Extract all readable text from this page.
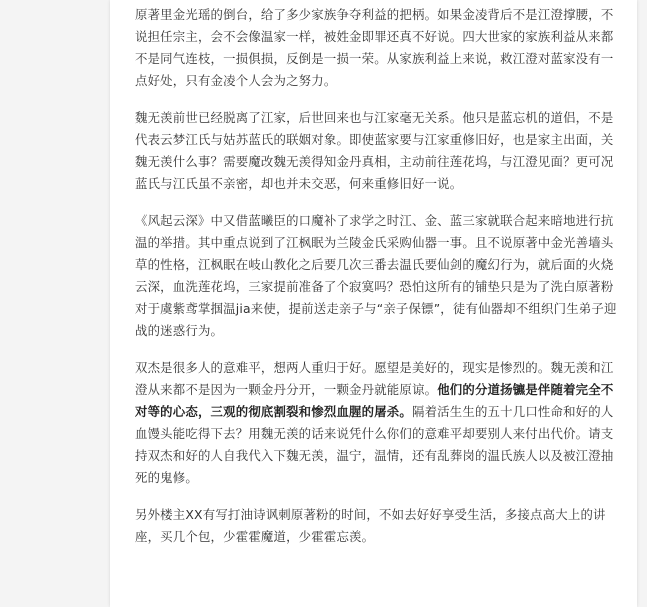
原著里金光瑶的倒台，给了多少家族争夺利益的把柄。如果金凌背后不是江澄撑腰，不说担任宗主，会不会像温家一样，被姓金即罪还真不好说。四大世家的家族利益从来都不是同气连枝，一损俱损，反倒是一损一荣。从家族利益上来说，救江澄对蓝家没有一点好处，只有金凌个人会为之努力。

魏无羡前世已经脱离了江家，后世回来也与江家毫无关系。他只是蓝忘机的道侣，不是代表云梦江氏与姑苏蓝氏的联姻对象。即使蓝家要与江家重修旧好，也是家主出面，关魏无羡什么事？需要魔改魏无羡得知金丹真相，主动前往莲花坞，与江澄见面？更可况蓝氏与江氏虽不亲密，却也并未交恶，何来重修旧好一说。

《风起云深》中又借蓝曦臣的口魔补了求学之时江、金、蓝三家就联合起来暗地进行抗温的举措。其中重点说到了江枫眠为兰陵金氏采购仙器一事。且不说原著中金光善墙头草的性格，江枫眠在岐山教化之后要几次三番去温氏要仙剑的魔幻行为，就后面的火烧云深，血洗莲花坞，三家提前准备了个寂寞吗？恐怕这所有的铺垫只是为了洗白原著粉对于虞紫鸢掌掴温jia来使，提前送走亲子与“亲子保镖”，徒有仙器却不组织门生弟子迎战的迷惑行为。

双杰是很多人的意难平，想两人重归于好。愿望是美好的，现实是惨烈的。魏无羡和江澄从来都不是因为一颗金丹分开，一颗金丹就能原谅。他们的分道扬镳是伴随着完全不对等的心态，三观的彻底割裂和惨烈血腥的屠杀。隔着活生生的五十几口性命和好的人血馒头能吃得下去？用魏无羡的话来说凭什么你们的意难平却要别人来付出代价。请支持双杰和好的人自我代入下魏无羡，温宁，温情，还有乱葬岗的温氏族人以及被江澄抽死的鬼修。

另外楼主XX有写打油诗讽刺原著粉的时间，不如去好好享受生活，多接点高大上的讲座，买几个包，少霍霍魔道，少霍霍忘羡。
